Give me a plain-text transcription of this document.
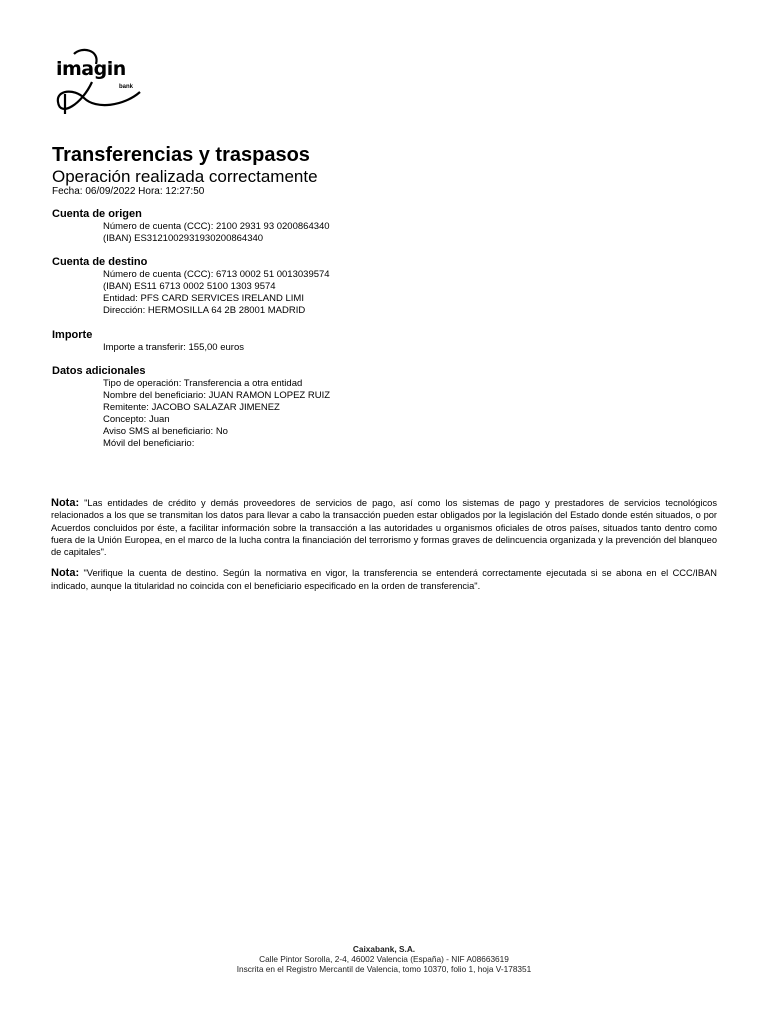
imagin
bank
Transferencias y traspasos
Operación realizada correctamente
Fecha: 06/09/2022 Hora: 12:27:50
Cuenta de origen
Número de cuenta (CCC): 2100 2931 93 0200864340
(IBAN) ES3121002931930200864340
Cuenta de destino
Número de cuenta (CCC): 6713 0002 51 0013039574
(IBAN) ES11 6713 0002 5100 1303 9574
Entidad: PFS CARD SERVICES IRELAND LIMI
Dirección: HERMOSILLA 64 2B 28001 MADRID
Importe
Importe a transferir: 155,00 euros
Datos adicionales
Tipo de operación: Transferencia a otra entidad
Nombre del beneficiario: JUAN RAMON LOPEZ RUIZ
Remitente: JACOBO SALAZAR JIMENEZ
Concepto: Juan
Aviso SMS al beneficiario: No
Móvil del beneficiario:

Nota: "Las entidades de crédito y demás proveedores de servicios de pago, así como los sistemas de pago y prestadores de servicios tecnológicos relacionados a los que se transmitan los datos para llevar a cabo la transacción pueden estar obligados por la legislación del Estado donde estén situados, o por Acuerdos concluidos por éste, a facilitar información sobre la transacción a las autoridades u organismos oficiales de otros países, situados tanto dentro como fuera de la Unión Europea, en el marco de la lucha contra la financiación del terrorismo y formas graves de delincuencia organizada y la prevención del blanqueo de capitales".

Nota: "Verifique la cuenta de destino. Según la normativa en vigor, la transferencia se entenderá correctamente ejecutada si se abona en el CCC/IBAN indicado, aunque la titularidad no coincida con el beneficiario especificado en la orden de transferencia".

Caixabank, S.A.
Calle Pintor Sorolla, 2-4, 46002 Valencia (España) - NIF A08663619
Inscrita en el Registro Mercantil de Valencia, tomo 10370, folio 1, hoja V-178351
